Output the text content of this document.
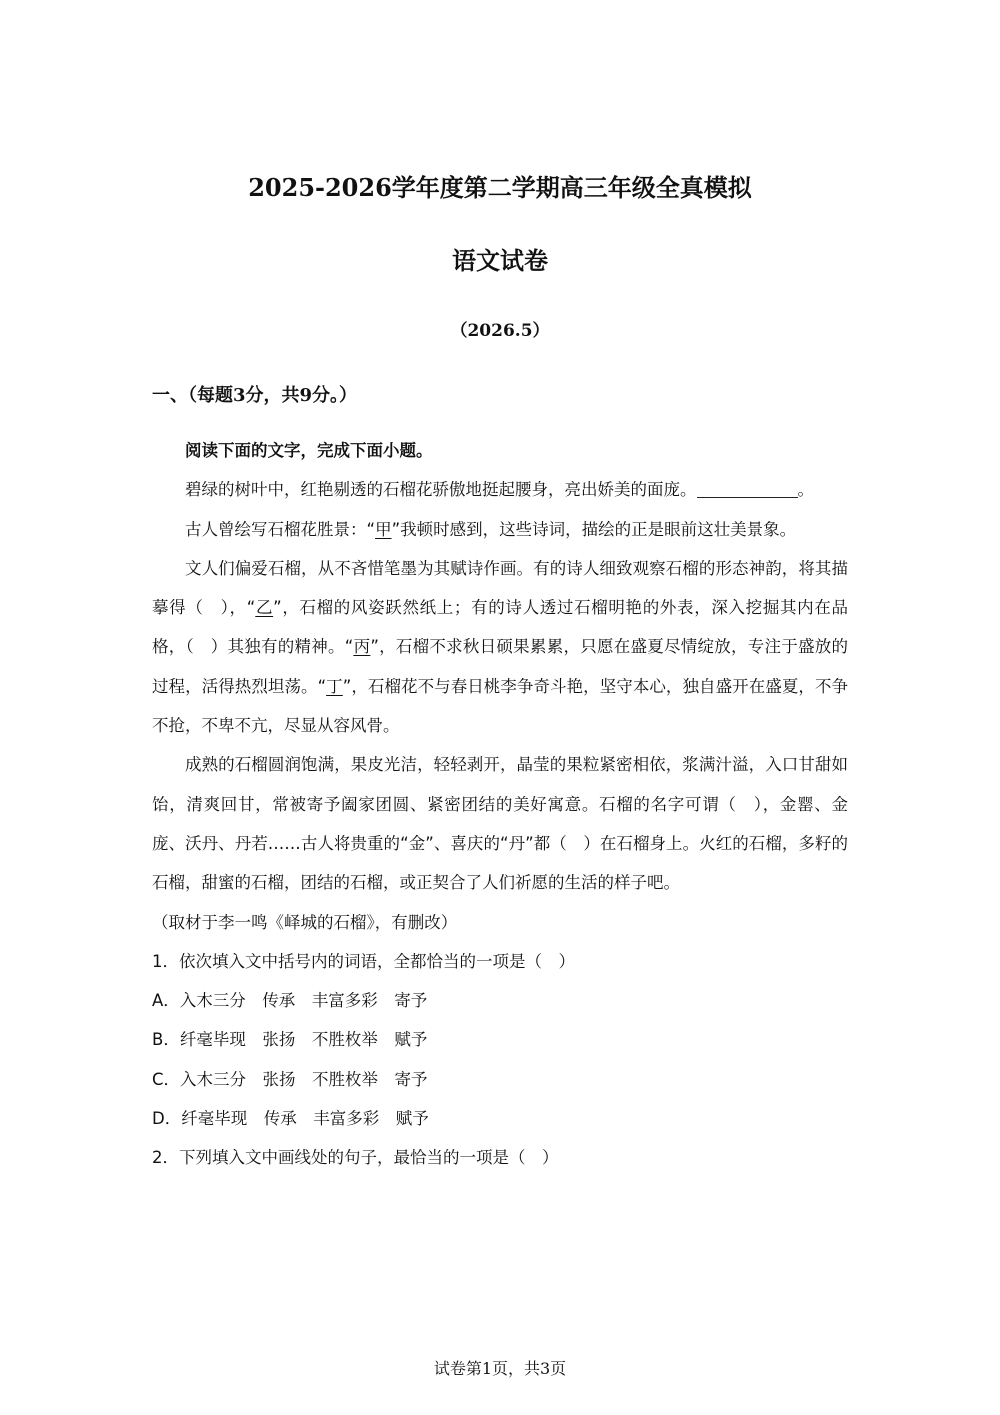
2025-2026学年度第二学期高三年级全真模拟
语文试卷
（2026.5）
一、（每题3分，共9分。）

阅读下面的文字，完成下面小题。

碧绿的树叶中，红艳剔透的石榴花骄傲地挺起腰身，亮出娇美的面庞。	。

古人曾绘写石榴花胜景：“甲”我顿时感到，这些诗词，描绘的正是眼前这壮美景象。

文人们偏爱石榴，从不吝惜笔墨为其赋诗作画。有的诗人细致观察石榴的形态神韵，将其描摹得（　），“乙”，石榴的风姿跃然纸上；有的诗人透过石榴明艳的外表，深入挖掘其内在品格，（　）其独有的精神。“丙”，石榴不求秋日硕果累累，只愿在盛夏尽情绽放，专注于盛放的过程，活得热烈坦荡。“丁”，石榴花不与春日桃李争奇斗艳，坚守本心，独自盛开在盛夏，不争不抢，不卑不亢，尽显从容风骨。

成熟的石榴圆润饱满，果皮光洁，轻轻剥开，晶莹的果粒紧密相依，浆满汁溢，入口甘甜如饴，清爽回甘，常被寄予阖家团圆、紧密团结的美好寓意。石榴的名字可谓（　），金罂、金庞、沃丹、丹若……古人将贵重的“金”、喜庆的“丹”都（　）在石榴身上。火红的石榴，多籽的石榴，甜蜜的石榴，团结的石榴，或正契合了人们祈愿的生活的样子吧。

（取材于李一鸣《峄城的石榴》，有删改）

1．依次填入文中括号内的词语，全都恰当的一项是（　）

A．入木三分　传承　丰富多彩　寄予

B．纤毫毕现　张扬　不胜枚举　赋予

C．入木三分　张扬　不胜枚举　寄予

D．纤毫毕现　传承　丰富多彩　赋予

2．下列填入文中画线处的句子，最恰当的一项是（　）

试卷第1页，共3页
